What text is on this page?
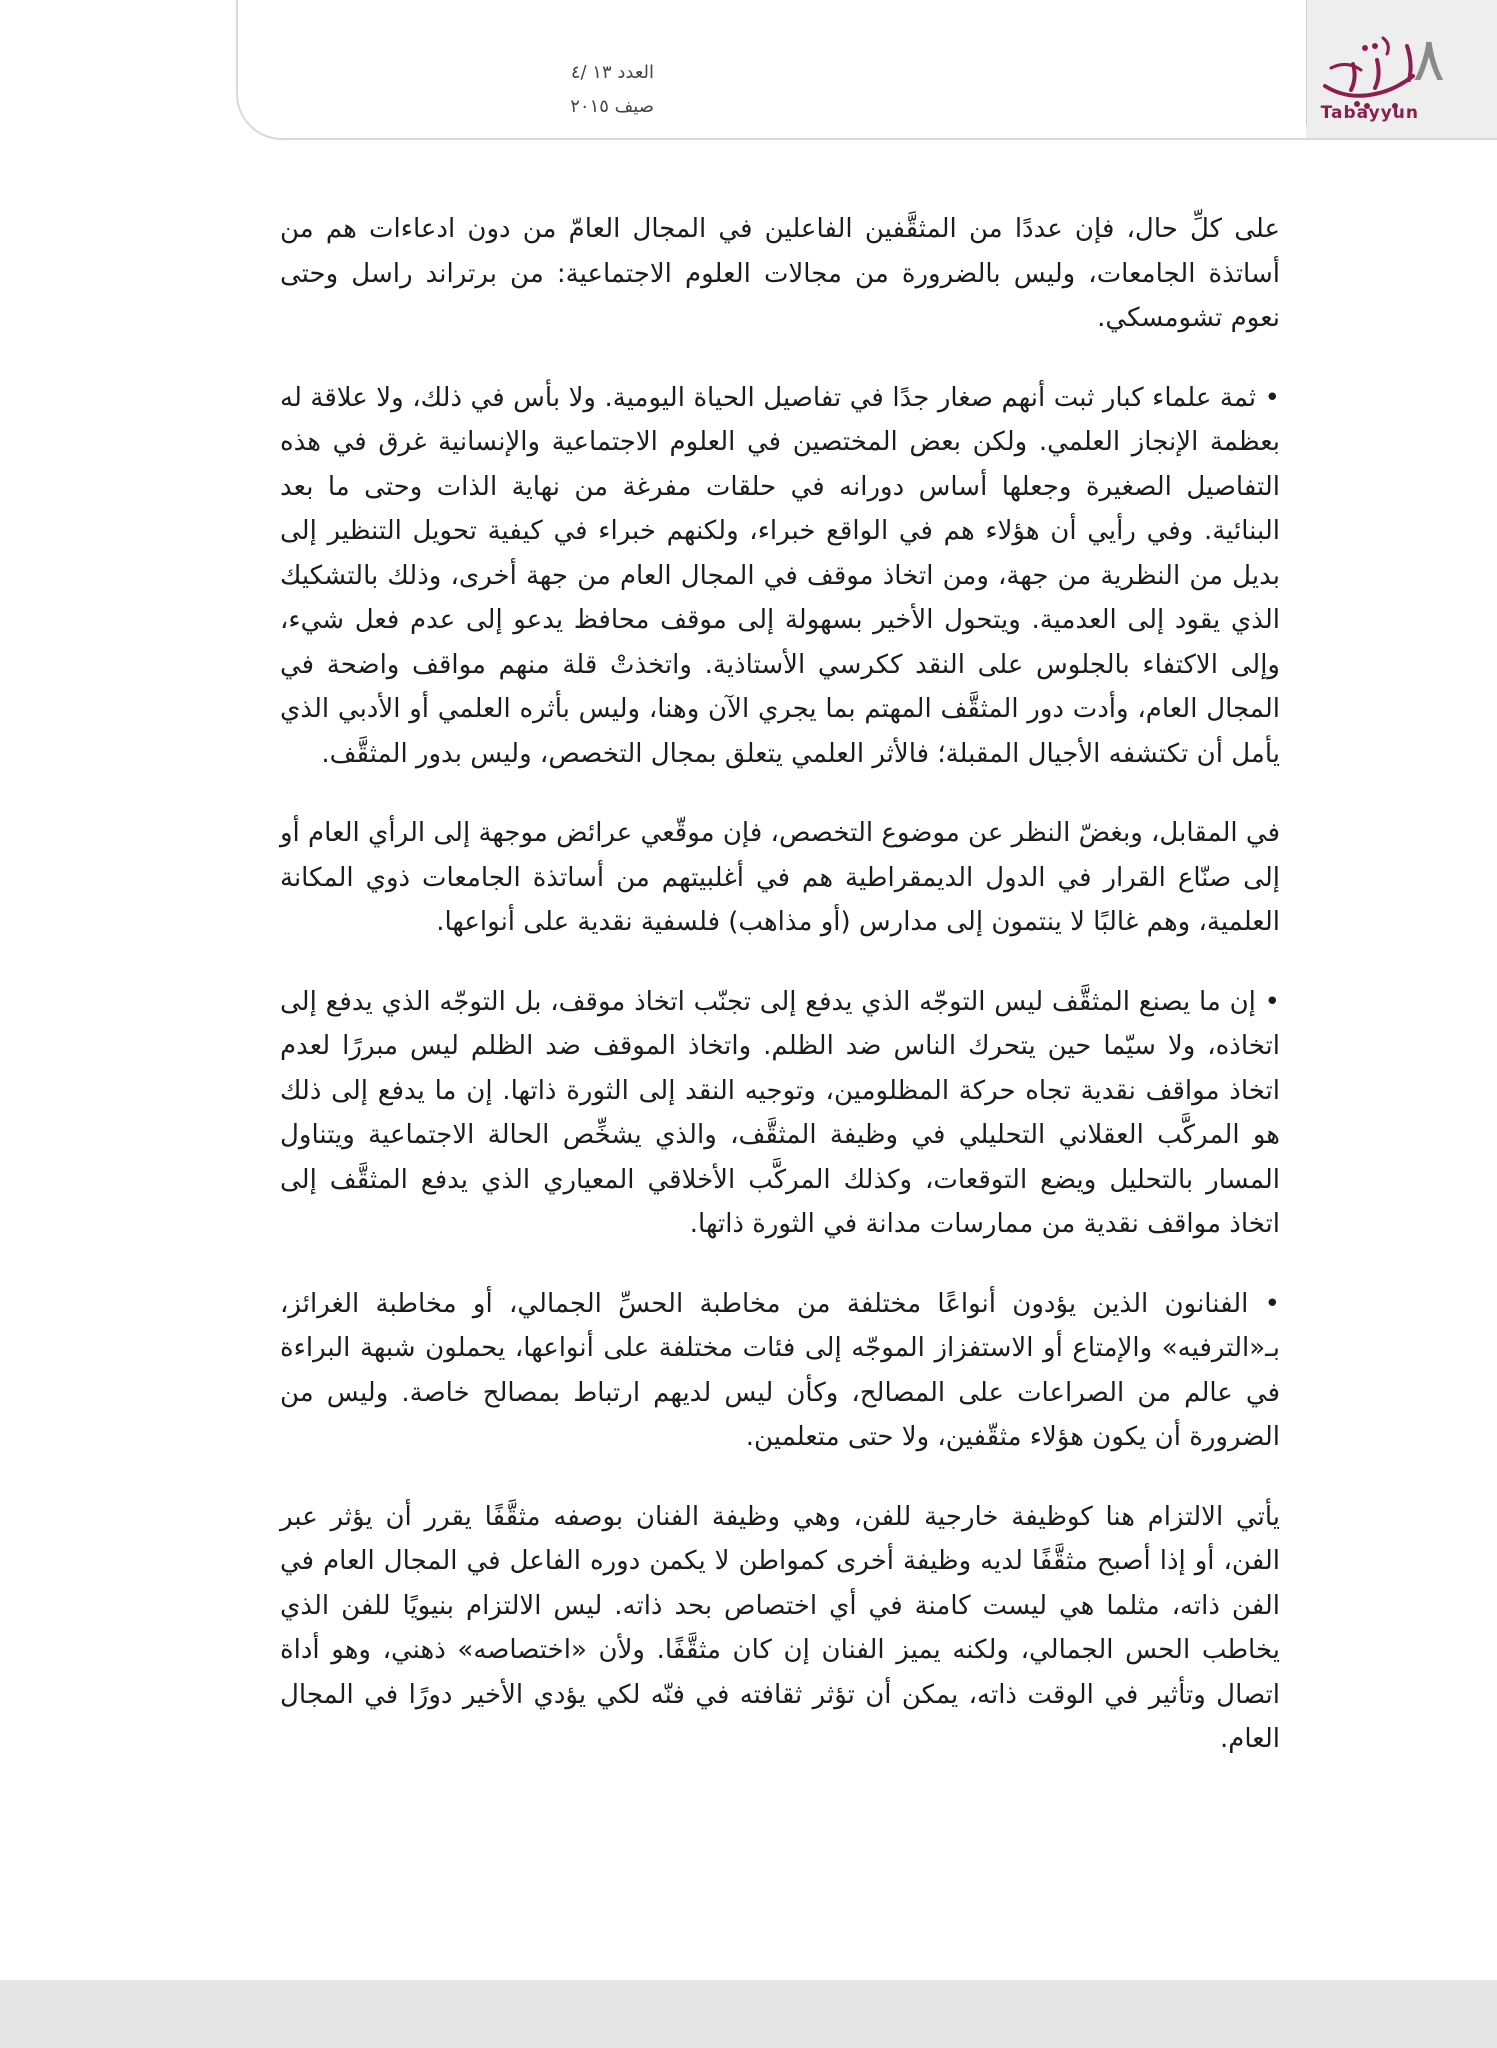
العدد ١٣ /٤
صيف ٢٠١٥
٨
Tabayyun

على كلِّ حال، فإن عددًا من المثقَّفين الفاعلين في المجال العامّ من دون ادعاءات هم من أساتذة الجامعات، وليس بالضرورة من مجالات العلوم الاجتماعية: من برتراند راسل وحتى نعوم تشومسكي.

• ثمة علماء كبار ثبت أنهم صغار جدًا في تفاصيل الحياة اليومية. ولا بأس في ذلك، ولا علاقة له بعظمة الإنجاز العلمي. ولكن بعض المختصين في العلوم الاجتماعية والإنسانية غرق في هذه التفاصيل الصغيرة وجعلها أساس دورانه في حلقات مفرغة من نهاية الذات وحتى ما بعد البنائية. وفي رأيي أن هؤلاء هم في الواقع خبراء، ولكنهم خبراء في كيفية تحويل التنظير إلى بديل من النظرية من جهة، ومن اتخاذ موقف في المجال العام من جهة أخرى، وذلك بالتشكيك الذي يقود إلى العدمية. ويتحول الأخير بسهولة إلى موقف محافظ يدعو إلى عدم فعل شيء، وإلى الاكتفاء بالجلوس على النقد ككرسي الأستاذية. واتخذتْ قلة منهم مواقف واضحة في المجال العام، وأدت دور المثقَّف المهتم بما يجري الآن وهنا، وليس بأثره العلمي أو الأدبي الذي يأمل أن تكتشفه الأجيال المقبلة؛ فالأثر العلمي يتعلق بمجال التخصص، وليس بدور المثقَّف.

في المقابل، وبغضّ النظر عن موضوع التخصص، فإن موقّعي عرائض موجهة إلى الرأي العام أو إلى صنّاع القرار في الدول الديمقراطية هم في أغلبيتهم من أساتذة الجامعات ذوي المكانة العلمية، وهم غالبًا لا ينتمون إلى مدارس (أو مذاهب) فلسفية نقدية على أنواعها.

• إن ما يصنع المثقَّف ليس التوجّه الذي يدفع إلى تجنّب اتخاذ موقف، بل التوجّه الذي يدفع إلى اتخاذه، ولا سيّما حين يتحرك الناس ضد الظلم. واتخاذ الموقف ضد الظلم ليس مبررًا لعدم اتخاذ مواقف نقدية تجاه حركة المظلومين، وتوجيه النقد إلى الثورة ذاتها. إن ما يدفع إلى ذلك هو المركَّب العقلاني التحليلي في وظيفة المثقَّف، والذي يشخِّص الحالة الاجتماعية ويتناول المسار بالتحليل ويضع التوقعات، وكذلك المركَّب الأخلاقي المعياري الذي يدفع المثقَّف إلى اتخاذ مواقف نقدية من ممارسات مدانة في الثورة ذاتها.

• الفنانون الذين يؤدون أنواعًا مختلفة من مخاطبة الحسِّ الجمالي، أو مخاطبة الغرائز، بـ«الترفيه» والإمتاع أو الاستفزاز الموجّه إلى فئات مختلفة على أنواعها، يحملون شبهة البراءة في عالم من الصراعات على المصالح، وكأن ليس لديهم ارتباط بمصالح خاصة. وليس من الضرورة أن يكون هؤلاء مثقّفين، ولا حتى متعلمين.

يأتي الالتزام هنا كوظيفة خارجية للفن، وهي وظيفة الفنان بوصفه مثقَّفًا يقرر أن يؤثر عبر الفن، أو إذا أصبح مثقَّفًا لديه وظيفة أخرى كمواطن لا يكمن دوره الفاعل في المجال العام في الفن ذاته، مثلما هي ليست كامنة في أي اختصاص بحد ذاته. ليس الالتزام بنيويًا للفن الذي يخاطب الحس الجمالي، ولكنه يميز الفنان إن كان مثقَّفًا. ولأن «اختصاصه» ذهني، وهو أداة اتصال وتأثير في الوقت ذاته، يمكن أن تؤثر ثقافته في فنّه لكي يؤدي الأخير دورًا في المجال العام.
